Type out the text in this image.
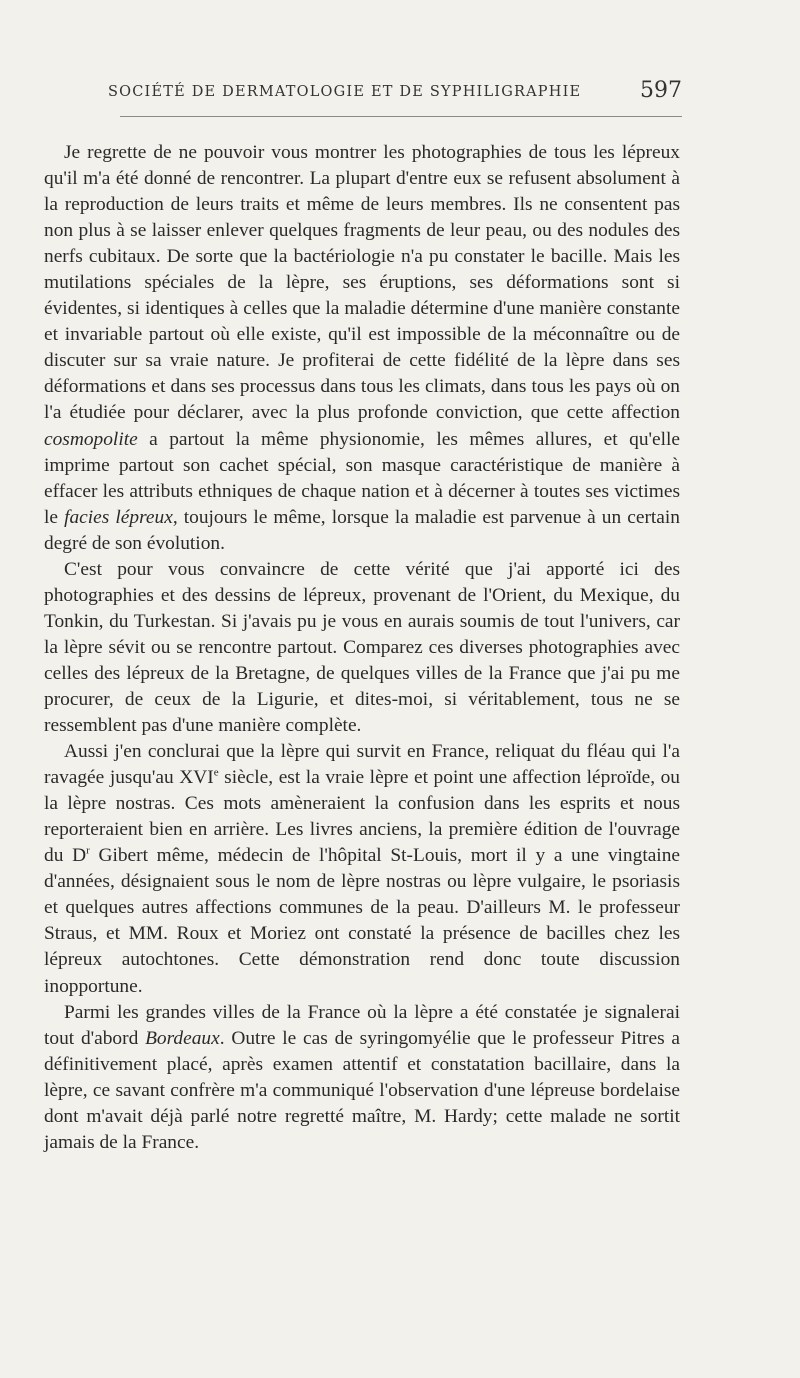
SOCIÉTÉ DE DERMATOLOGIE ET DE SYPHILIGRAPHIE	597

Je regrette de ne pouvoir vous montrer les photographies de tous les lépreux qu'il m'a été donné de rencontrer. La plupart d'entre eux se refusent absolument à la reproduction de leurs traits et même de leurs membres. Ils ne consentent pas non plus à se laisser enlever quelques fragments de leur peau, ou des nodules des nerfs cubitaux. De sorte que la bactériologie n'a pu constater le bacille. Mais les mutilations spéciales de la lèpre, ses éruptions, ses déformations sont si évidentes, si identiques à celles que la maladie détermine d'une manière constante et invariable partout où elle existe, qu'il est impossible de la méconnaître ou de discuter sur sa vraie nature. Je profiterai de cette fidélité de la lèpre dans ses déformations et dans ses processus dans tous les climats, dans tous les pays où on l'a étudiée pour déclarer, avec la plus profonde conviction, que cette affection cosmopolite a partout la même physionomie, les mêmes allures, et qu'elle imprime partout son cachet spécial, son masque caractéristique de manière à effacer les attributs ethniques de chaque nation et à décerner à toutes ses victimes le facies lépreux, toujours le même, lorsque la maladie est parvenue à un certain degré de son évolution.

C'est pour vous convaincre de cette vérité que j'ai apporté ici des photographies et des dessins de lépreux, provenant de l'Orient, du Mexique, du Tonkin, du Turkestan. Si j'avais pu je vous en aurais soumis de tout l'univers, car la lèpre sévit ou se rencontre partout. Comparez ces diverses photographies avec celles des lépreux de la Bretagne, de quelques villes de la France que j'ai pu me procurer, de ceux de la Ligurie, et dites-moi, si véritablement, tous ne se ressemblent pas d'une manière complète.

Aussi j'en conclurai que la lèpre qui survit en France, reliquat du fléau qui l'a ravagée jusqu'au XVIe siècle, est la vraie lèpre et point une affection léproïde, ou la lèpre nostras. Ces mots amèneraient la confusion dans les esprits et nous reporteraient bien en arrière. Les livres anciens, la première édition de l'ouvrage du $D^r$ Gibert même, médecin de l'hôpital St-Louis, mort il y a une vingtaine d'années, désignaient sous le nom de lèpre nostras ou lèpre vulgaire, le psoriasis et quelques autres affections communes de la peau. D'ailleurs M. le professeur Straus, et MM. Roux et Moriez ont constaté la présence de bacilles chez les lépreux autochtones. Cette démonstration rend donc toute discussion inopportune.

Parmi les grandes villes de la France où la lèpre a été constatée je signalerai tout d'abord Bordeaux. Outre le cas de syringomyélie que le professeur Pitres a définitivement placé, après examen attentif et constatation bacillaire, dans la lèpre, ce savant confrère m'a communiqué l'observation d'une lépreuse bordelaise dont m'avait déjà parlé notre regretté maître, M. Hardy; cette malade ne sortit jamais de la France.
